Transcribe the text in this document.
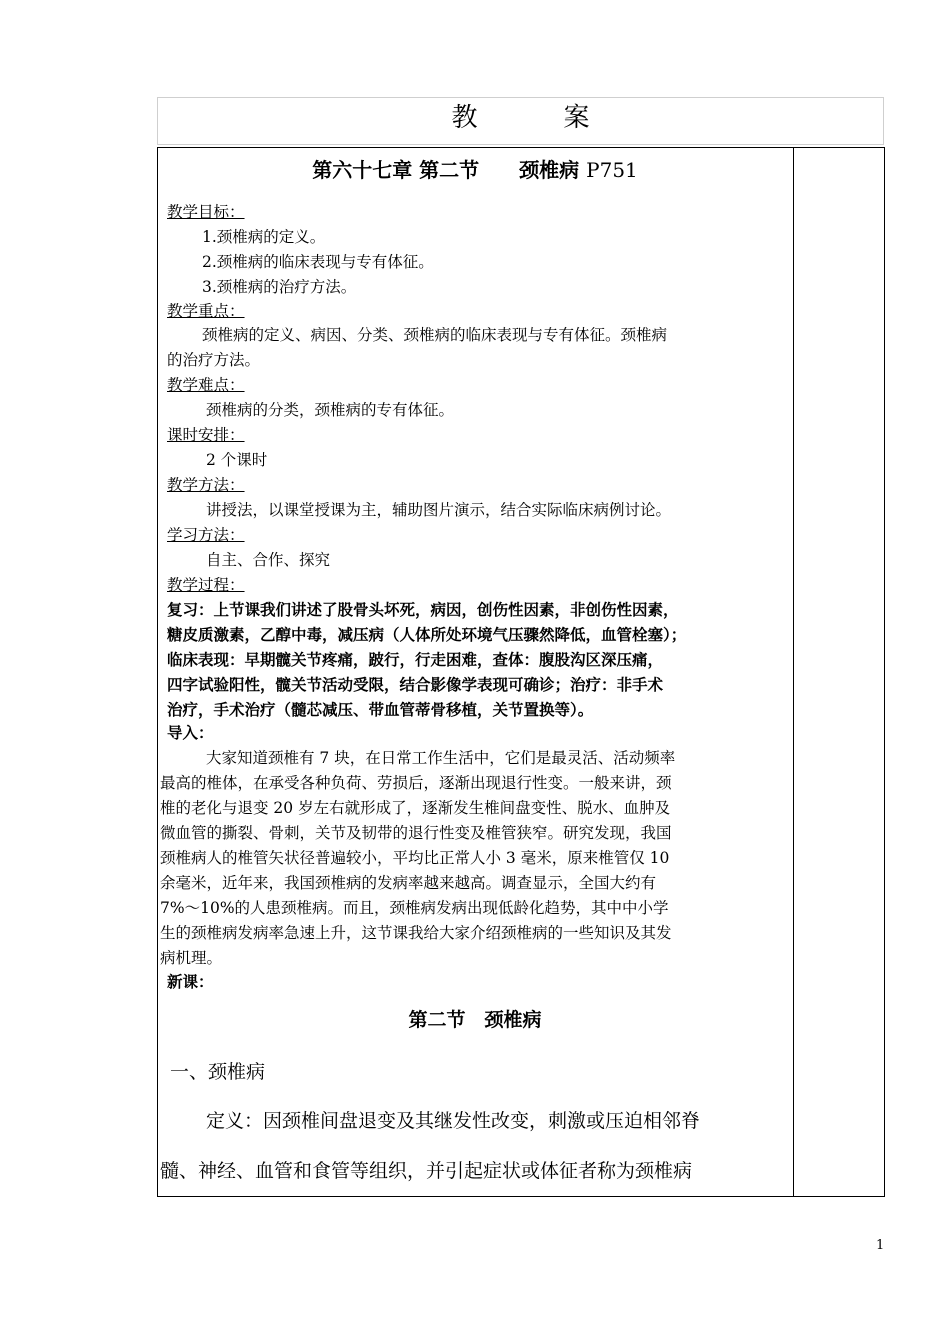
教	案
第六十七章 第二节　　颈椎病 P751
教学目标：
1.颈椎病的定义。
2.颈椎病的临床表现与专有体征。
3.颈椎病的治疗方法。
教学重点：
颈椎病的定义、病因、分类、颈椎病的临床表现与专有体征。颈椎病
的治疗方法。
教学难点：
颈椎病的分类，颈椎病的专有体征。
课时安排：
2 个课时
教学方法：
讲授法，以课堂授课为主，辅助图片演示，结合实际临床病例讨论。
学习方法：
自主、合作、探究
教学过程：
复习：上节课我们讲述了股骨头坏死，病因，创伤性因素，非创伤性因素，
糖皮质激素，乙醇中毒，减压病（人体所处环境气压骤然降低，血管栓塞）；
临床表现：早期髋关节疼痛，跛行，行走困难，查体：腹股沟区深压痛，
四字试验阳性，髋关节活动受限，结合影像学表现可确诊；治疗：非手术
治疗，手术治疗（髓芯减压、带血管蒂骨移植，关节置换等）。
导入：
大家知道颈椎有 7 块，在日常工作生活中，它们是最灵活、活动频率
最高的椎体，在承受各种负荷、劳损后，逐渐出现退行性变。一般来讲，颈
椎的老化与退变 20 岁左右就形成了，逐渐发生椎间盘变性、脱水、血肿及
微血管的撕裂、骨刺，关节及韧带的退行性变及椎管狭窄。研究发现，我国
颈椎病人的椎管矢状径普遍较小，平均比正常人小 3 毫米，原来椎管仅 10
余毫米，近年来，我国颈椎病的发病率越来越高。调查显示，全国大约有
7%～10%的人患颈椎病。而且，颈椎病发病出现低龄化趋势，其中中小学
生的颈椎病发病率急速上升，这节课我给大家介绍颈椎病的一些知识及其发
病机理。
新课：
第二节　颈椎病
一、颈椎病
定义：因颈椎间盘退变及其继发性改变，刺激或压迫相邻脊
髓、神经、血管和食管等组织，并引起症状或体征者称为颈椎病
1
